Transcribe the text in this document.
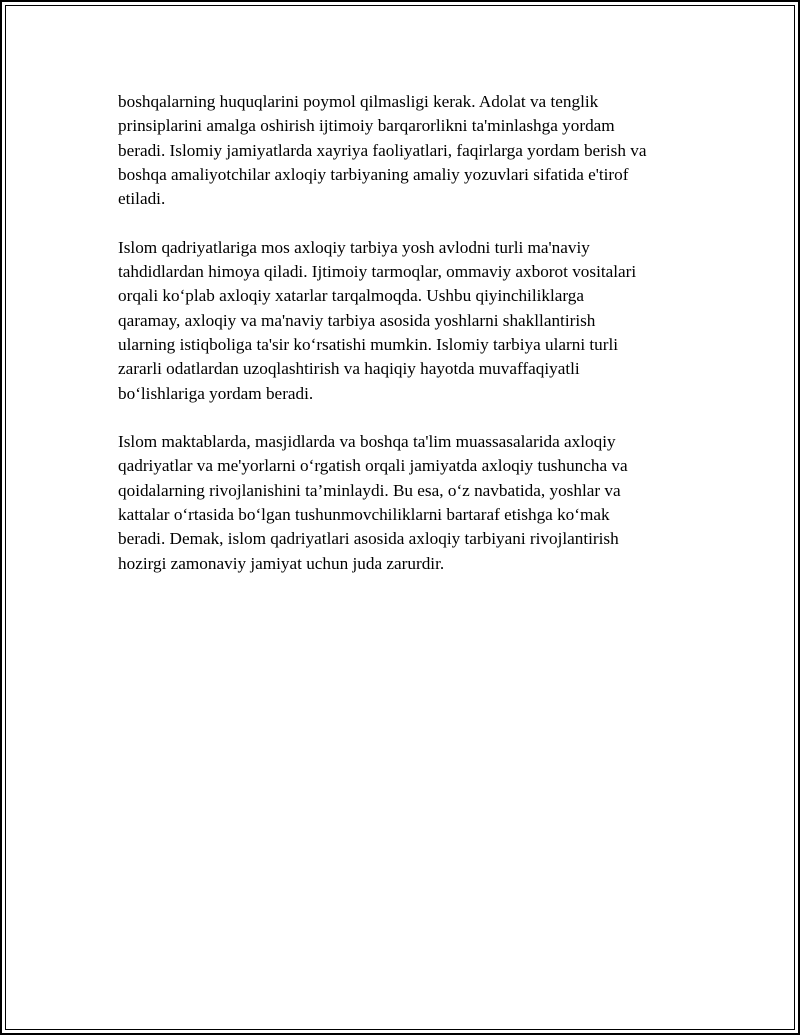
boshqalarning huquqlarini poymol qilmasligi kerak. Adolat va tenglik
prinsiplarini amalga oshirish ijtimoiy barqarorlikni ta'minlashga yordam
beradi. Islomiy jamiyatlarda xayriya faoliyatlari, faqirlarga yordam berish va
boshqa amaliyotchilar axloqiy tarbiyaning amaliy yozuvlari sifatida e'tirof
etiladi.

Islom qadriyatlariga mos axloqiy tarbiya yosh avlodni turli ma'naviy
tahdidlardan himoya qiladi. Ijtimoiy tarmoqlar, ommaviy axborot vositalari
orqali ko‘plab axloqiy xatarlar tarqalmoqda. Ushbu qiyinchiliklarga
qaramay, axloqiy va ma'naviy tarbiya asosida yoshlarni shakllantirish
ularning istiqboliga ta'sir ko‘rsatishi mumkin. Islomiy tarbiya ularni turli
zararli odatlardan uzoqlashtirish va haqiqiy hayotda muvaffaqiyatli
bo‘lishlariga yordam beradi.

Islom maktablarda, masjidlarda va boshqa ta'lim muassasalarida axloqiy
qadriyatlar va me'yorlarni o‘rgatish orqali jamiyatda axloqiy tushuncha va
qoidalarning rivojlanishini ta’minlaydi. Bu esa, o‘z navbatida, yoshlar va
kattalar o‘rtasida bo‘lgan tushunmovchiliklarni bartaraf etishga ko‘mak
beradi. Demak, islom qadriyatlari asosida axloqiy tarbiyani rivojlantirish
hozirgi zamonaviy jamiyat uchun juda zarurdir.
